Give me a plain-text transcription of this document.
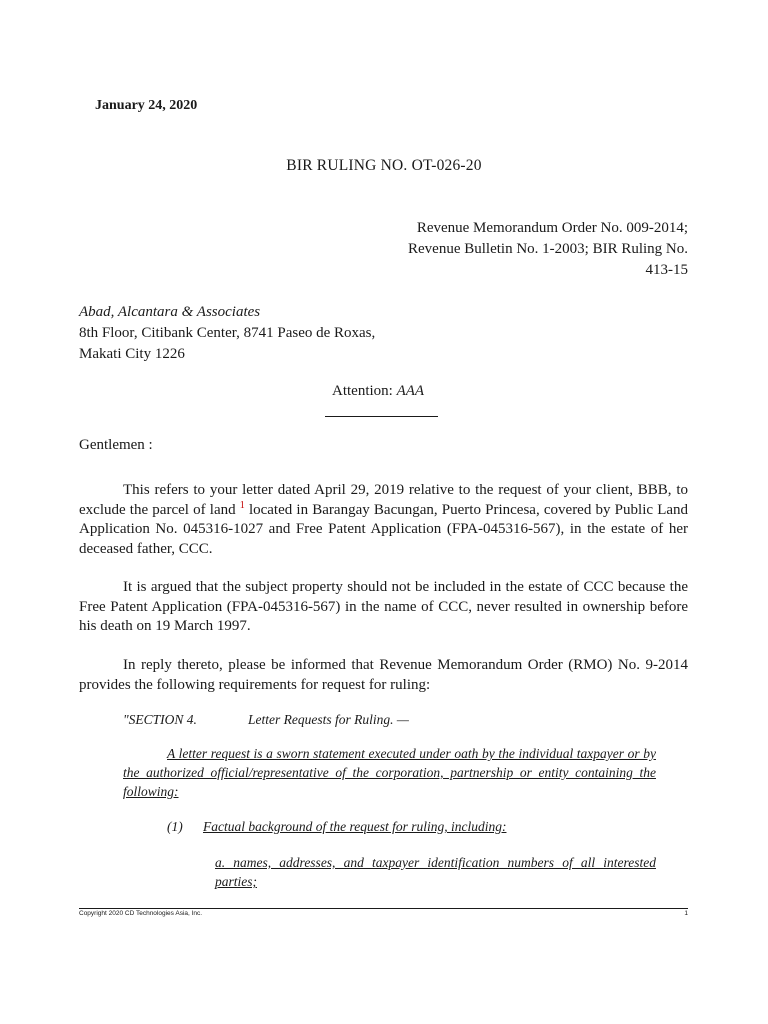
January 24, 2020

BIR RULING NO. OT-026-20

Revenue Memorandum Order No. 009-2014;
Revenue Bulletin No. 1-2003; BIR Ruling No.
413-15
Abad, Alcantara & Associates
8th Floor, Citibank Center, 8741 Paseo de Roxas,
Makati City 1226
Attention: AAA

Gentlemen :

This refers to your letter dated April 29, 2019 relative to the request of your client, BBB, to exclude the parcel of land $^1$ located in Barangay Bacungan, Puerto Princesa, covered by Public Land Application No. 045316-1027 and Free Patent Application (FPA-045316-567), in the estate of her deceased father, CCC.

It is argued that the subject property should not be included in the estate of CCC because the Free Patent Application (FPA-045316-567) in the name of CCC, never resulted in ownership before his death on 19 March 1997.

In reply thereto, please be informed that Revenue Memorandum Order (RMO) No. 9-2014 provides the following requirements for request for ruling:

"SECTION 4.	Letter Requests for Ruling. —

A letter request is a sworn statement executed under oath by the individual taxpayer or by the authorized official/representative of the corporation, partnership or entity containing the following:

(1) Factual background of the request for ruling, including:

a. names, addresses, and taxpayer identification numbers of all interested parties;

Copyright 2020 CD Technologies Asia, Inc.	1
